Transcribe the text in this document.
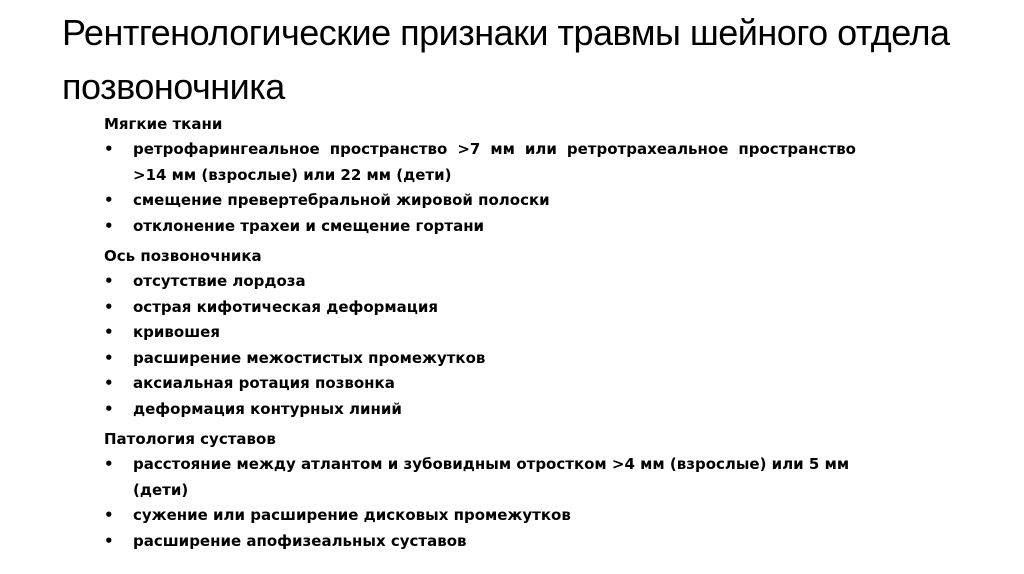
Рентгенологические признаки травмы шейного отдела позвоночника
Мягкие ткани
• ретрофарингеальное пространство >7 мм или ретротрахеальное пространство >14 мм (взрослые) или 22 мм (дети)
• смещение превертебральной жировой полоски
• отклонение трахеи и смещение гортани
Ось позвоночника
• отсутствие лордоза
• острая кифотическая деформация
• кривошея
• расширение межостистых промежутков
• аксиальная ротация позвонка
• деформация контурных линий
Патология суставов
• расстояние между атлантом и зубовидным отростком >4 мм (взрослые) или 5 мм (дети)
• сужение или расширение дисковых промежутков
• расширение апофизеальных суставов
